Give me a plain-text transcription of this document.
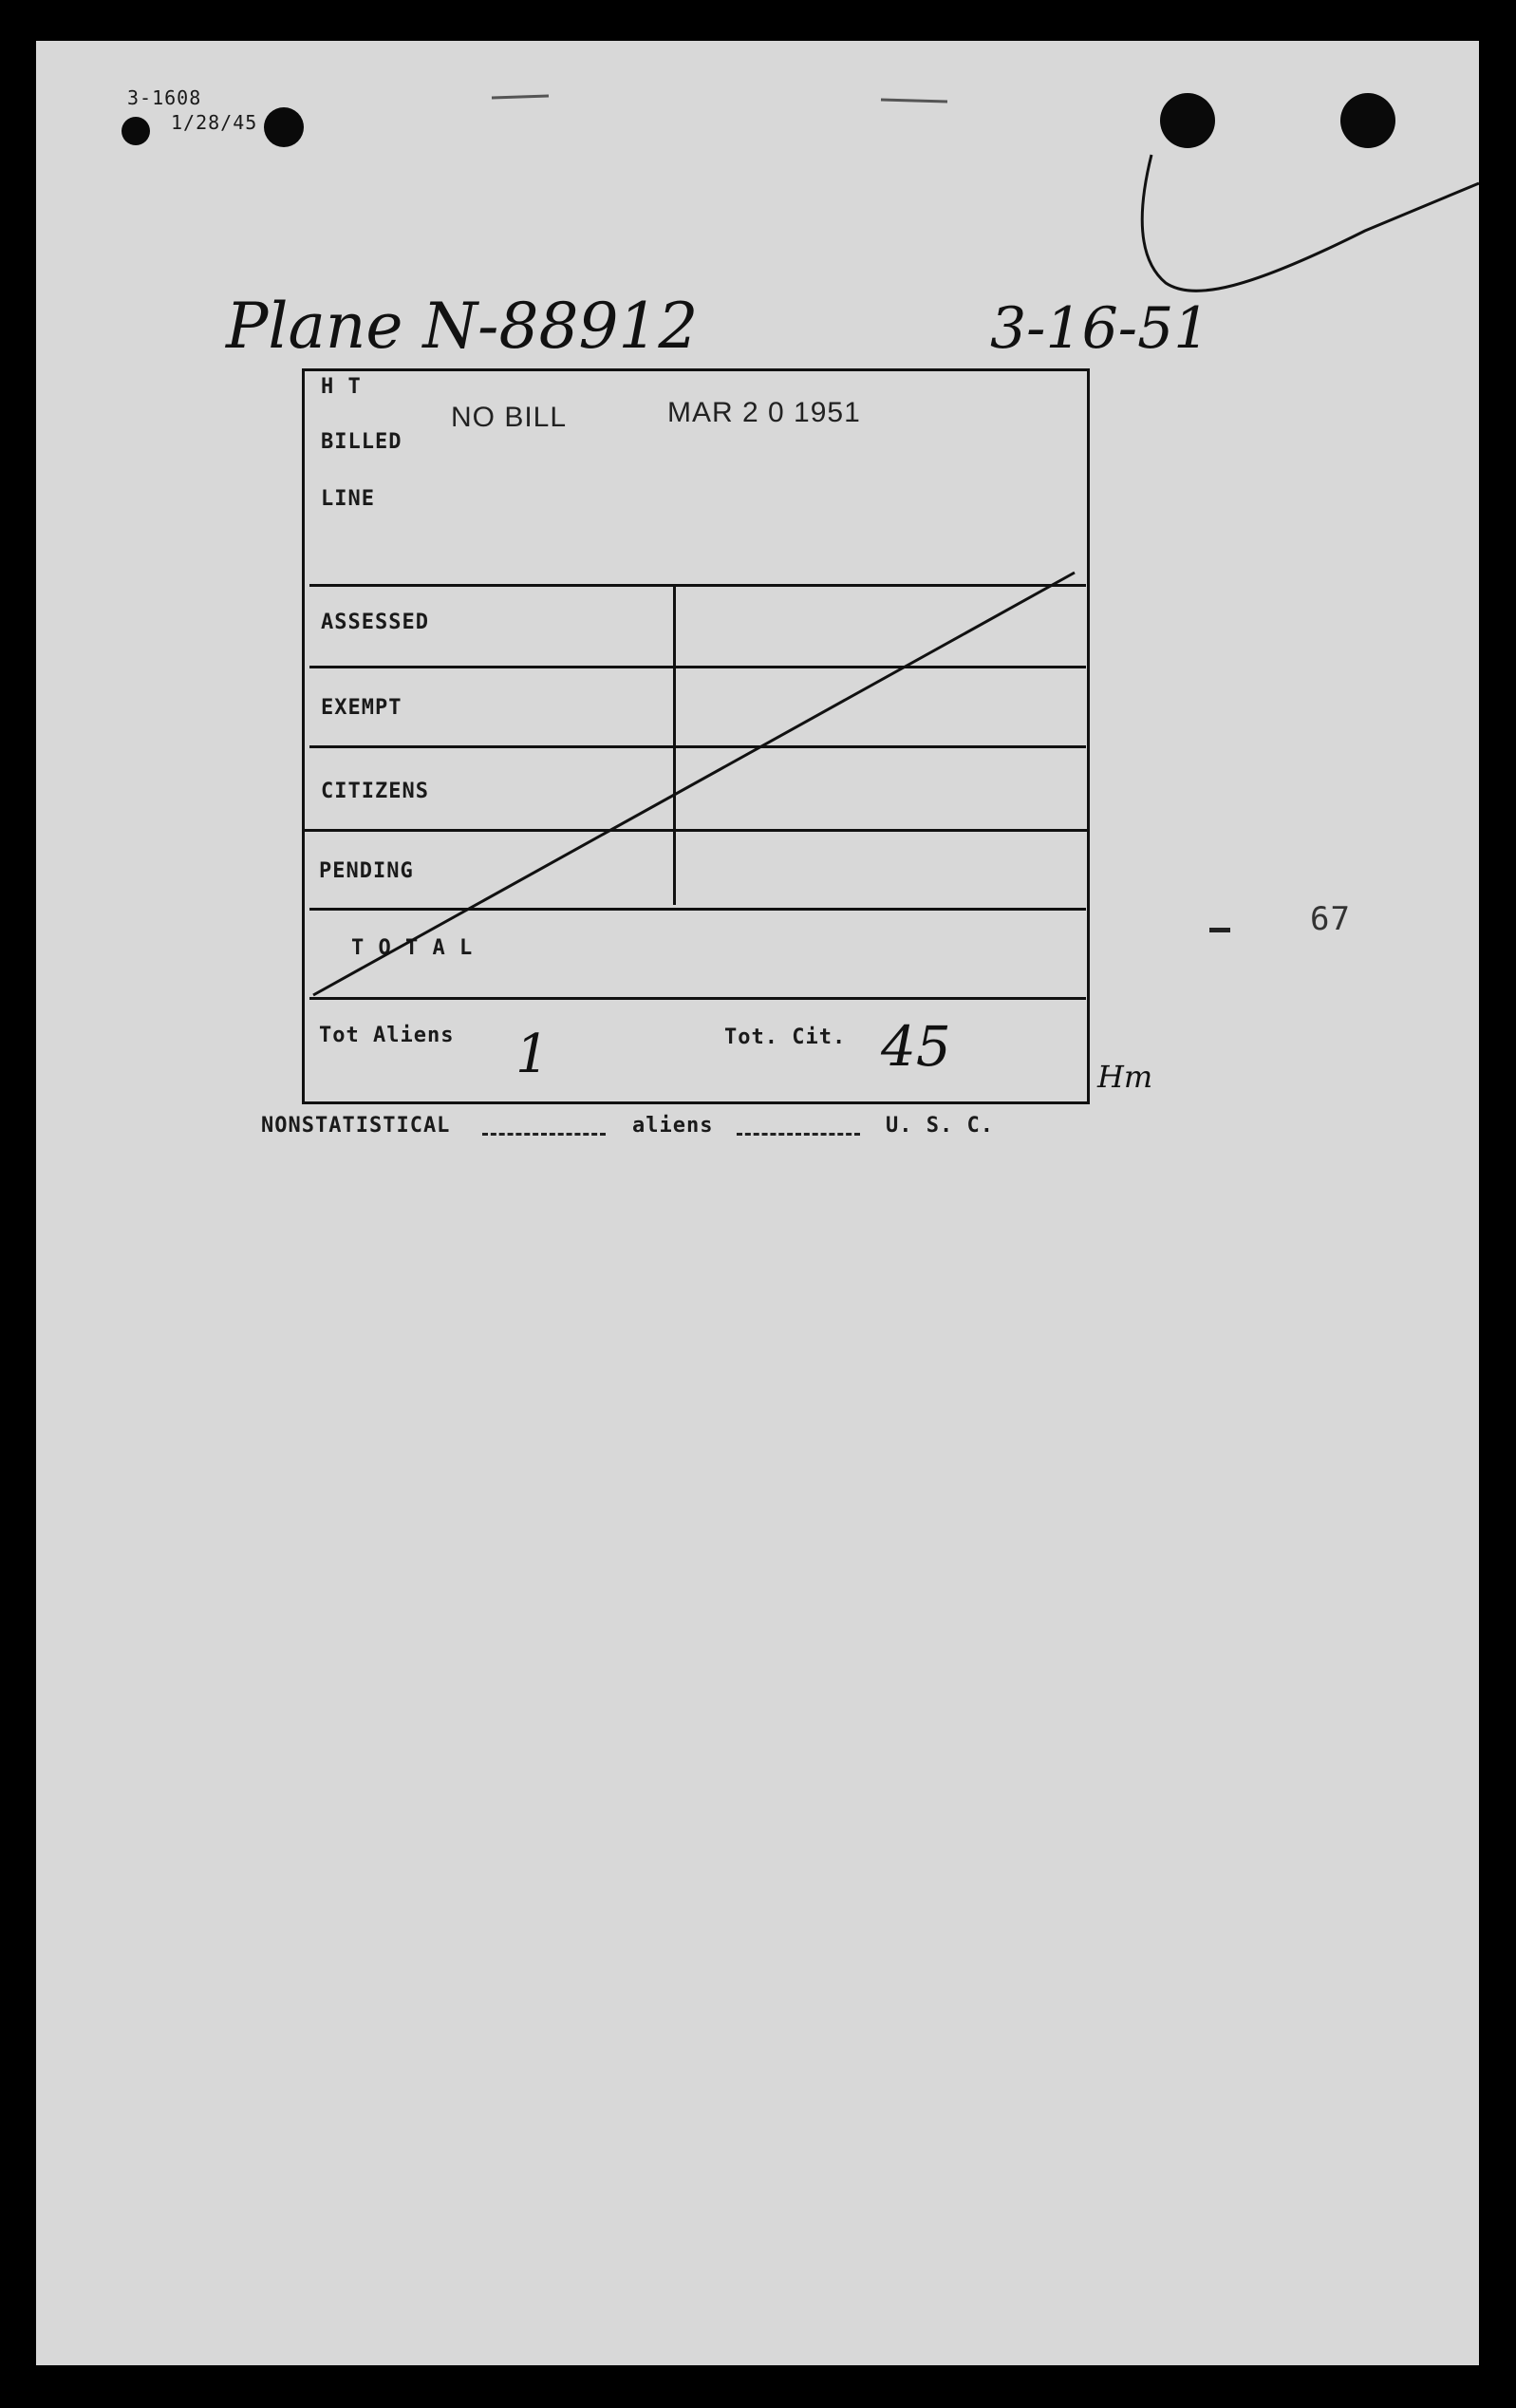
3-1608
1/28/45
Plane N-88912	3-16-51
H T
BILLED
LINE
NO BILL	MAR 2 0 1951
ASSESSED
EXEMPT
CITIZENS
PENDING
T O T A L
Tot Aliens 1	Tot. Cit. 45	Hm
67
NONSTATISTICAL	aliens	U. S. C.
